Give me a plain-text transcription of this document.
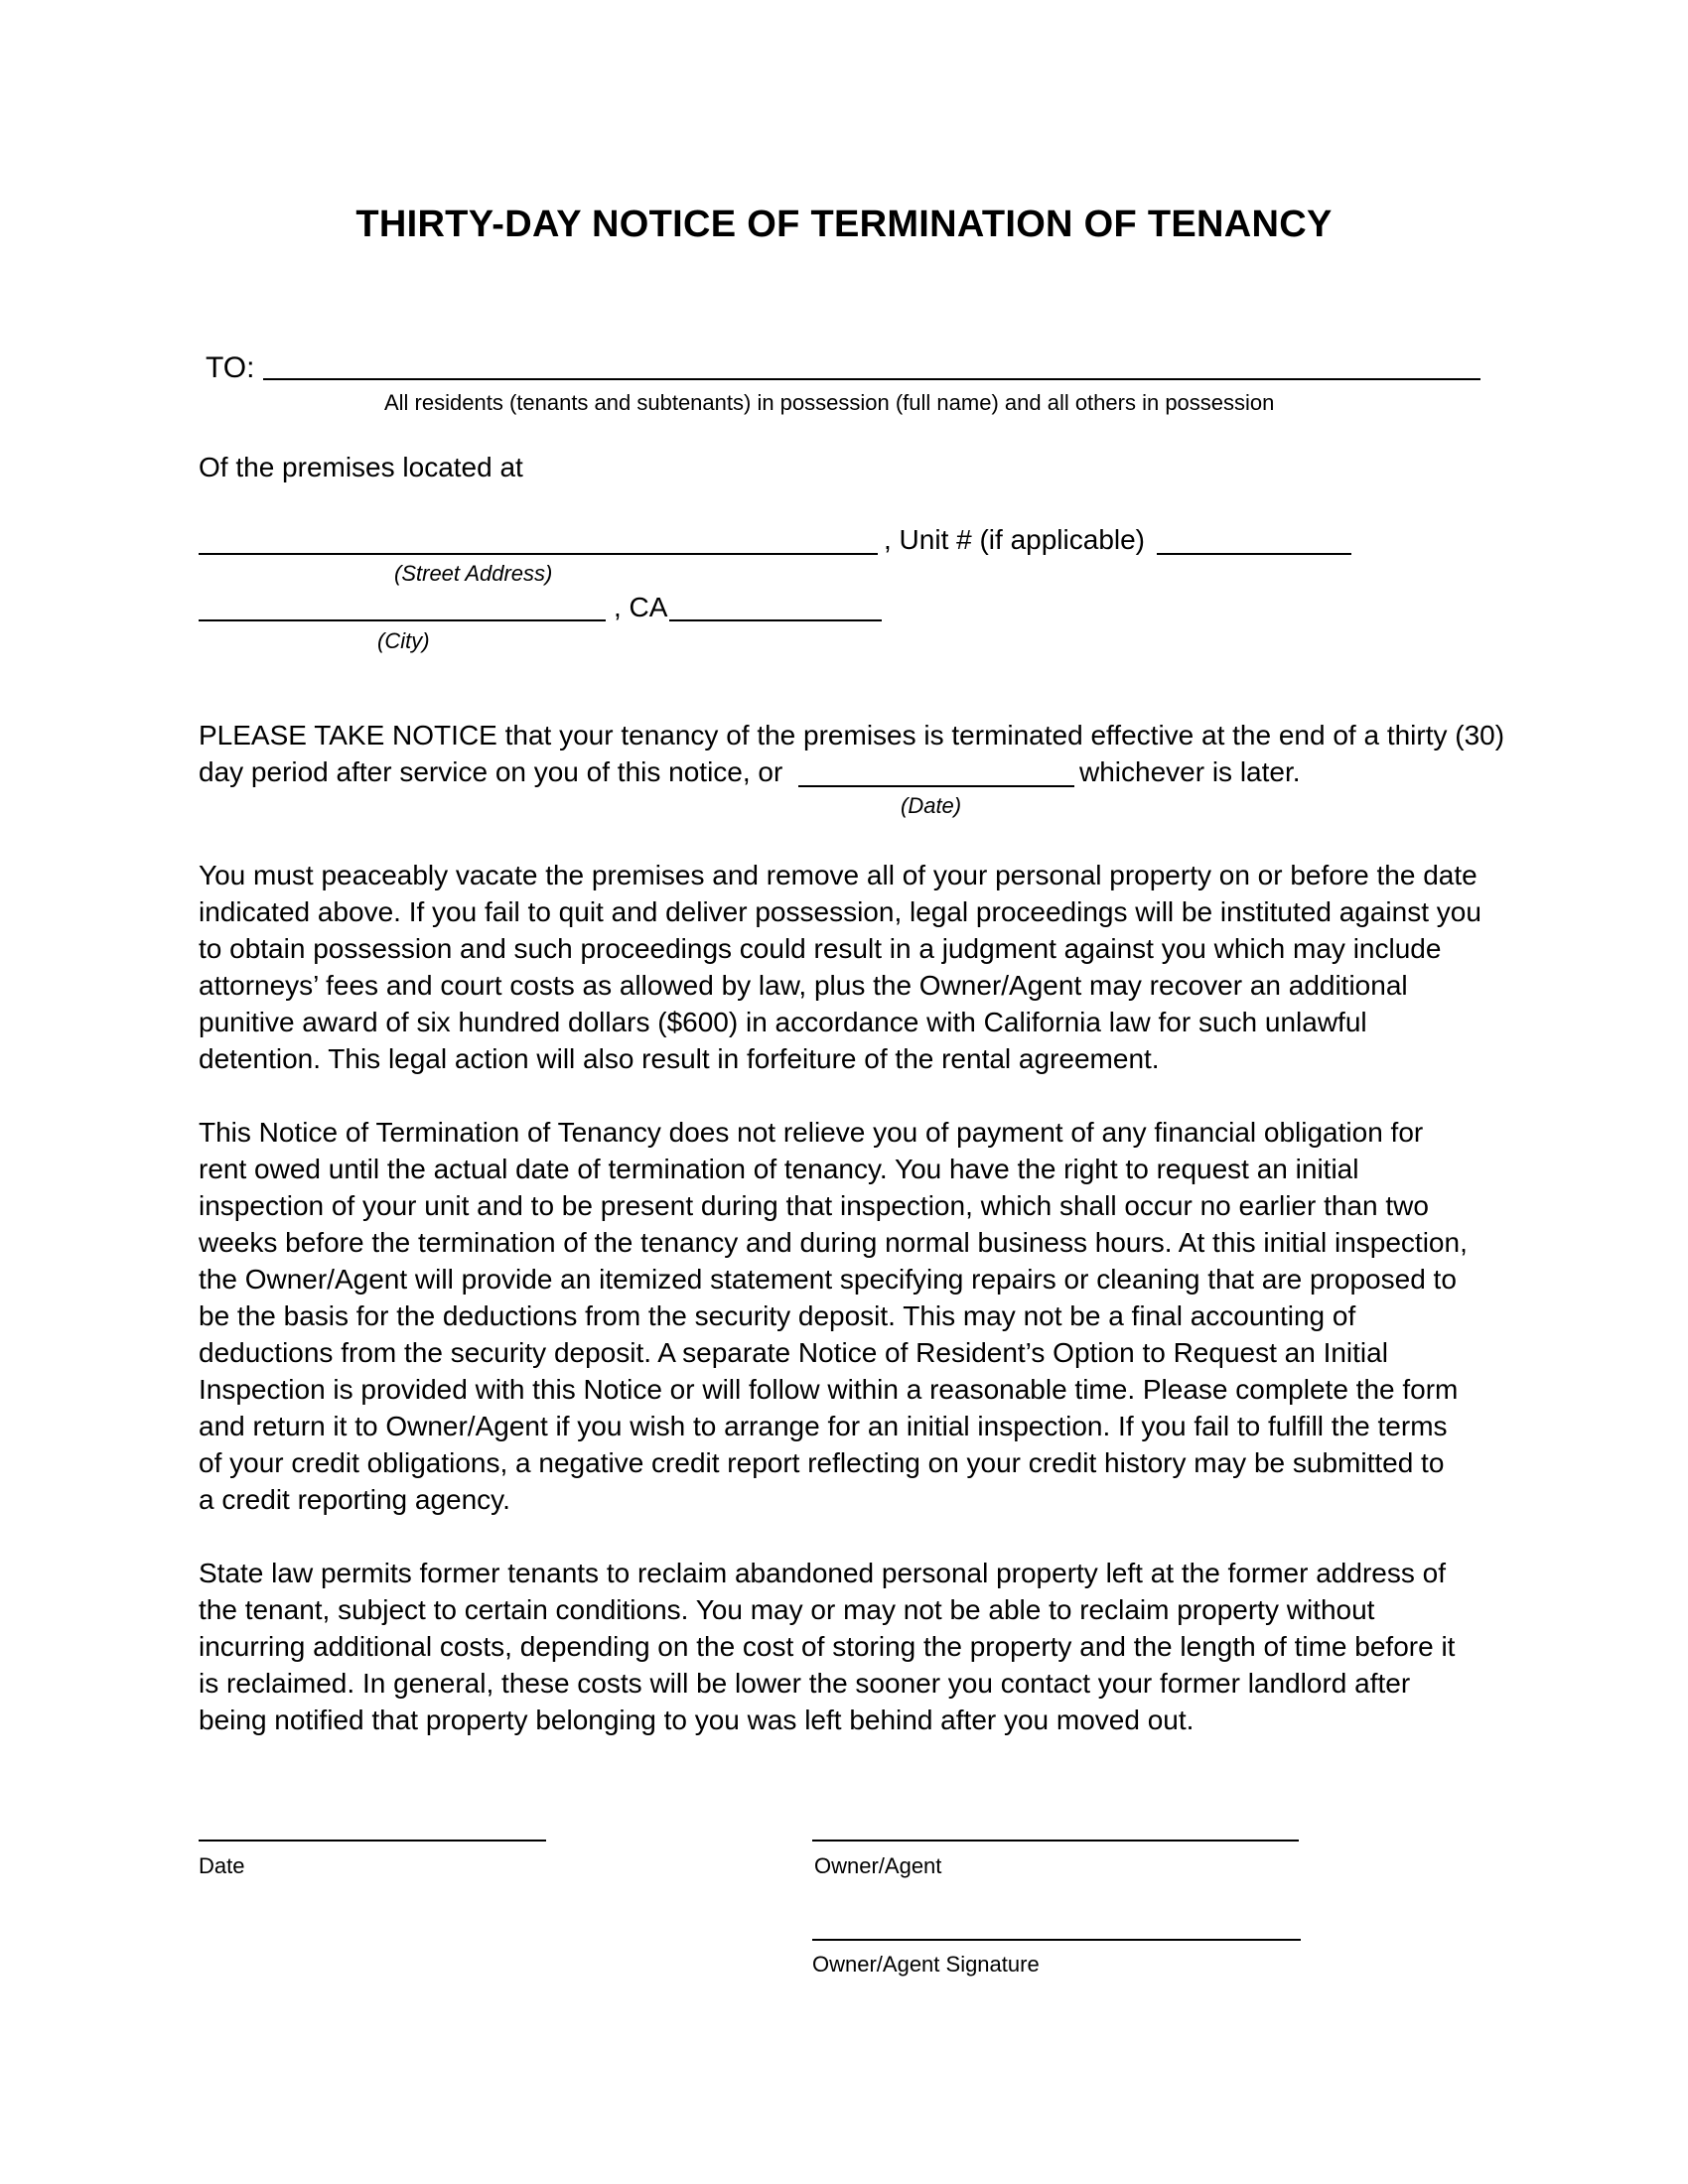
THIRTY-DAY NOTICE OF TERMINATION OF TENANCY
TO:
All residents (tenants and subtenants) in possession (full name) and all others in possession
Of the premises located at
, Unit # (if applicable)
(Street Address)
, CA
(City)
PLEASE TAKE NOTICE that your tenancy of the premises is terminated effective at the end of a thirty (30)
day period after service on you of this notice, or	whichever is later.
(Date)
You must peaceably vacate the premises and remove all of your personal property on or before the date
indicated above. If you fail to quit and deliver possession, legal proceedings will be instituted against you
to obtain possession and such proceedings could result in a judgment against you which may include
attorneys’ fees and court costs as allowed by law, plus the Owner/Agent may recover an additional
punitive award of six hundred dollars ($600) in accordance with California law for such unlawful
detention. This legal action will also result in forfeiture of the rental agreement.
This Notice of Termination of Tenancy does not relieve you of payment of any financial obligation for
rent owed until the actual date of termination of tenancy. You have the right to request an initial
inspection of your unit and to be present during that inspection, which shall occur no earlier than two
weeks before the termination of the tenancy and during normal business hours. At this initial inspection,
the Owner/Agent will provide an itemized statement specifying repairs or cleaning that are proposed to
be the basis for the deductions from the security deposit. This may not be a final accounting of
deductions from the security deposit. A separate Notice of Resident’s Option to Request an Initial
Inspection is provided with this Notice or will follow within a reasonable time. Please complete the form
and return it to Owner/Agent if you wish to arrange for an initial inspection. If you fail to fulfill the terms
of your credit obligations, a negative credit report reflecting on your credit history may be submitted to
a credit reporting agency.
State law permits former tenants to reclaim abandoned personal property left at the former address of
the tenant, subject to certain conditions. You may or may not be able to reclaim property without
incurring additional costs, depending on the cost of storing the property and the length of time before it
is reclaimed. In general, these costs will be lower the sooner you contact your former landlord after
being notified that property belonging to you was left behind after you moved out.
Date	Owner/Agent
Owner/Agent Signature
